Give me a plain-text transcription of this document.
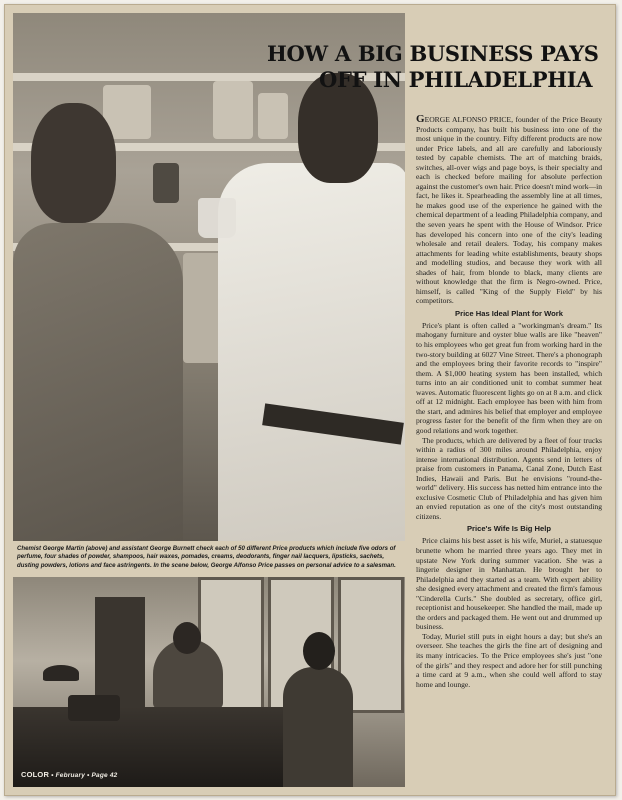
HOW A BIG BUSINESS PAYS
OFF IN PHILADELPHIA

Chemist George Martin (above) and assistant George Burnett check each of 50 different Price products which include five odors of perfume, four shades of powder, shampoos, hair waxes, pomades, creams, deodorants, finger nail lacquers, lipsticks, sachets, dusting powders, lotions and face astringents. In the scene below, George Alfonso Price passes on personal advice to a salesman.

COLOR • February • Page 42

GEORGE ALFONSO PRICE, founder of the Price Beauty Products company, has built his business into one of the most unique in the country. Fifty different products are now under Price labels, and all are carefully and laboriously tested by capable chemists. The art of matching braids, switches, all-over wigs and page boys, is their specialty and each is checked before mailing for absolute perfection against the customer's own hair. Price doesn't mind work—in fact, he likes it. Spearheading the assembly line at all times, he makes good use of the experience he gained with the chemical department of a leading Philadelphia company, and the seven years he spent with the House of Windsor. Price has developed his concern into one of the city's leading wholesale and retail dealers. Today, his company makes attachments for leading white establishments, beauty shops and modelling studios, and because they work with all shades of hair, from blonde to black, many clients are without knowledge that the firm is Negro-owned. Price, himself, is called "King of the Supply Field" by his competitors.

Price Has Ideal Plant for Work

Price's plant is often called a "workingman's dream." Its mahogany furniture and oyster blue walls are like "heaven" to his employees who get great fun from working hard in the two-story building at 6027 Vine Street. There's a phonograph and the employees bring their favorite records to "inspire" them. A $1,000 heating system has been installed, which turns into an air conditioned unit to combat summer heat waves. Automatic fluorescent lights go on at 8 a.m. and click off at 12 midnight. Each employee has been with him from the start, and admires his belief that employer and employee progress faster for the benefit of the firm when they are on good relations and work together.

The products, which are delivered by a fleet of four trucks within a radius of 300 miles around Philadelphia, enjoy intense international distribution. Agents send in letters of praise from customers in Panama, Canal Zone, Dutch East Indies, Hawaii and Paris. But he envisions "round-the-world" delivery. His success has netted him entrance into the exclusive Cosmetic Club of Philadelphia and has given him an envied reputation as one of the city's most outstanding citizens.

Price's Wife Is Big Help

Price claims his best asset is his wife, Muriel, a statuesque brunette whom he married three years ago. They met in upstate New York during summer vacation. She was a lingerie designer in Manhattan. He brought her to Philadelphia and they started as a team. With expert ability she designed every attachment and created the firm's famous "Cinderella Curls." She doubled as secretary, office girl, receptionist and housekeeper. She handled the mail, made up the orders and packaged them. He went out and drummed up business.

Today, Muriel still puts in eight hours a day; but she's an overseer. She teaches the girls the fine art of designing and its many intricacies. To the Price employees she's just "one of the girls" and they respect and adore her for still punching a time card at 9 a.m., when she could well afford to stay home and lounge.
